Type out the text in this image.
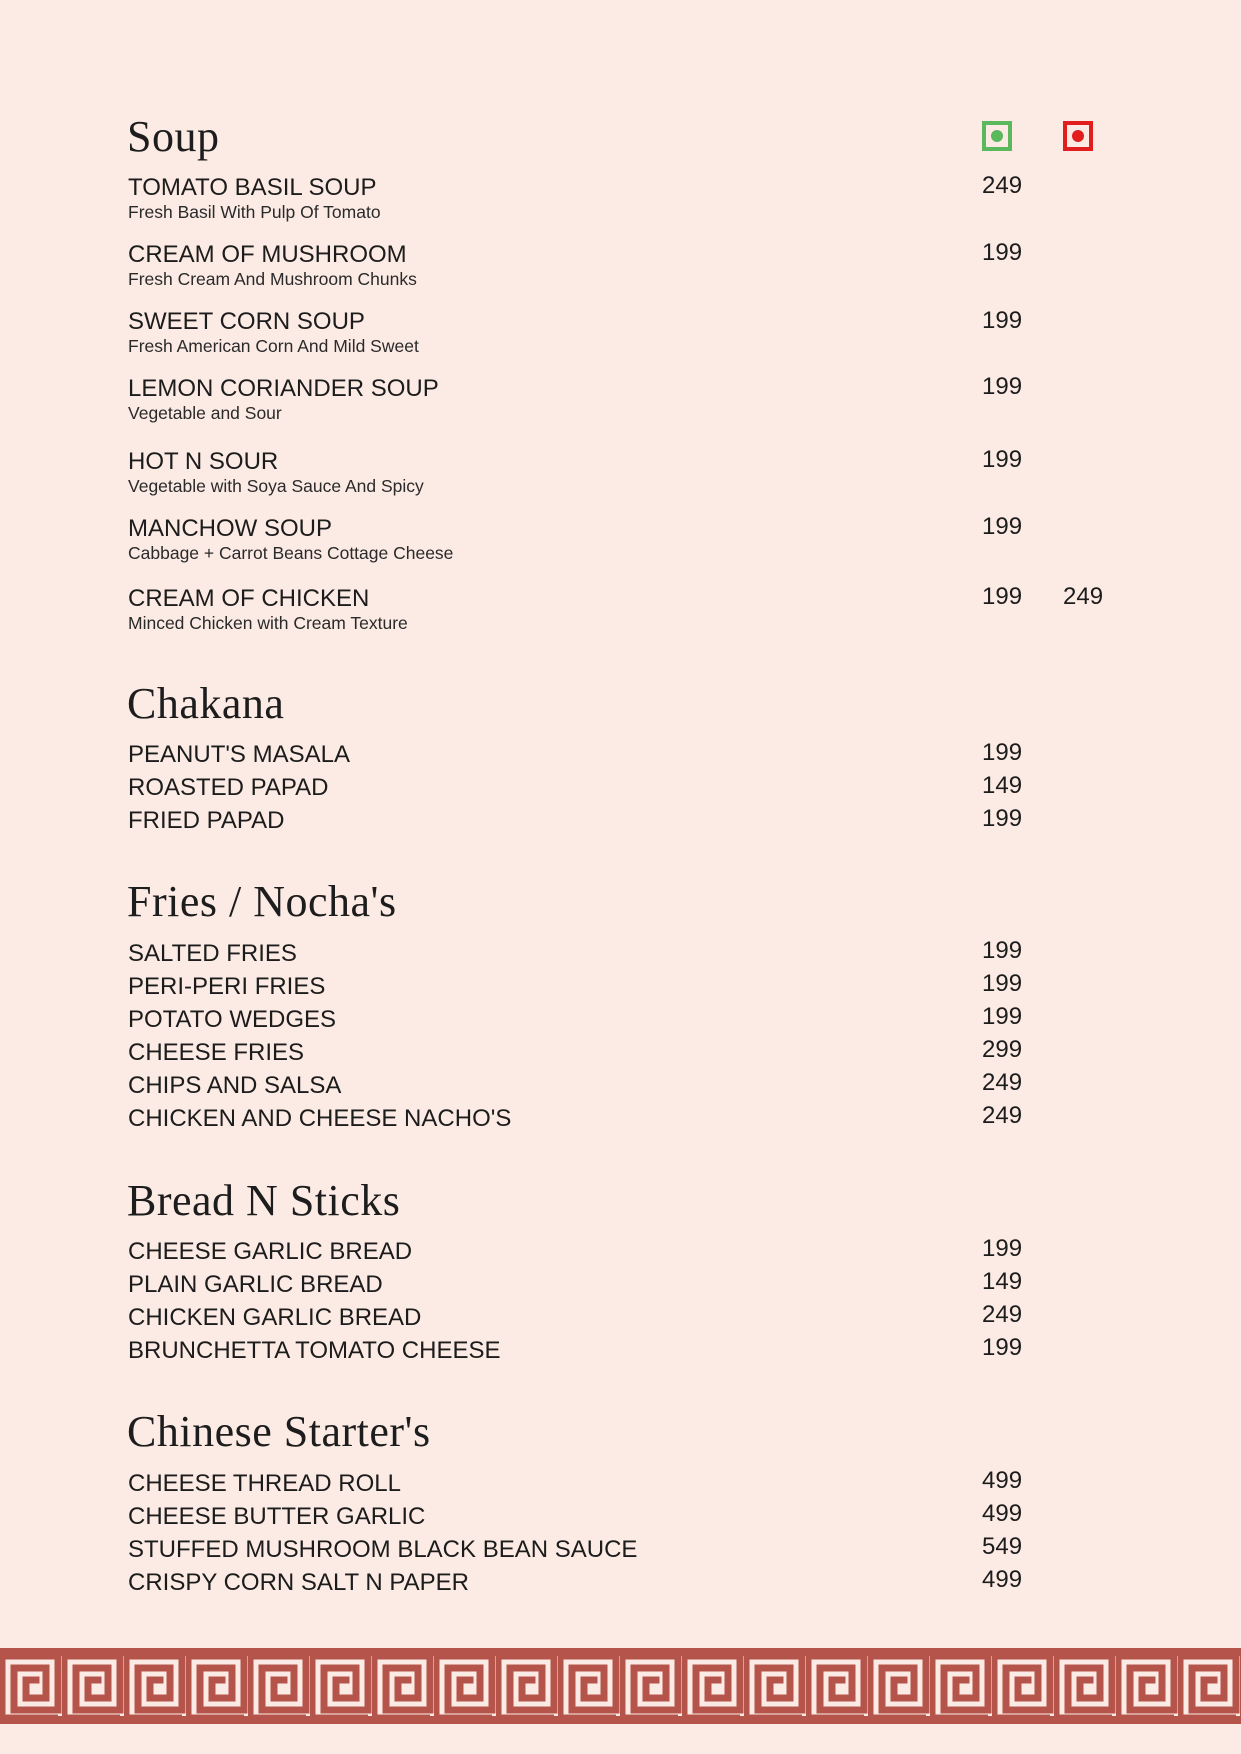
Soup
TOMATO BASIL SOUP
Fresh Basil With Pulp Of Tomato
249
CREAM OF MUSHROOM
Fresh Cream And Mushroom Chunks
199
SWEET CORN SOUP
Fresh American Corn And Mild Sweet
199
LEMON CORIANDER SOUP
Vegetable and Sour
199
HOT N SOUR
Vegetable with Soya Sauce And Spicy
199
MANCHOW SOUP
Cabbage + Carrot Beans Cottage Cheese
199
CREAM OF CHICKEN
Minced Chicken with Cream Texture
199 249
Chakana
PEANUT'S MASALA	199
ROASTED PAPAD	149
FRIED PAPAD	199
Fries / Nocha's
SALTED FRIES	199
PERI-PERI FRIES	199
POTATO WEDGES	199
CHEESE FRIES	299
CHIPS AND SALSA	249
CHICKEN AND CHEESE NACHO'S	249
Bread N Sticks
CHEESE GARLIC BREAD	199
PLAIN GARLIC BREAD	149
CHICKEN GARLIC BREAD	249
BRUNCHETTA TOMATO CHEESE	199
Chinese Starter's
CHEESE THREAD ROLL	499
CHEESE BUTTER GARLIC	499
STUFFED MUSHROOM BLACK BEAN SAUCE	549
CRISPY CORN SALT N PAPER	499
